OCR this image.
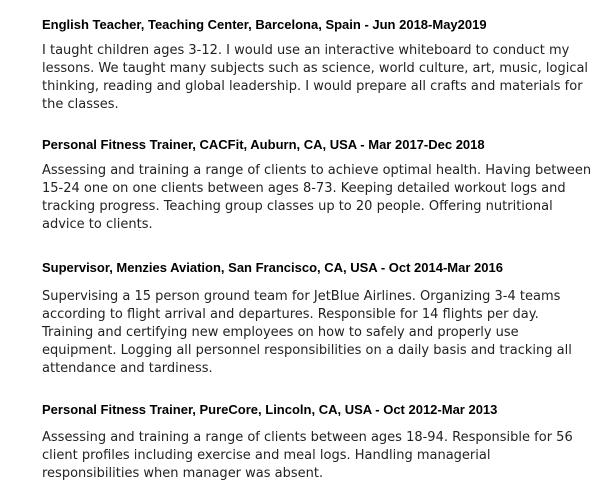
English Teacher, Teaching Center, Barcelona, Spain - Jun 2018-May2019

I taught children ages 3-12. I would use an interactive whiteboard to conduct my
lessons. We taught many subjects such as science, world culture, art, music, logical
thinking, reading and global leadership. I would prepare all crafts and materials for
the classes.

Personal Fitness Trainer, CACFit, Auburn, CA, USA - Mar 2017-Dec 2018

Assessing and training a range of clients to achieve optimal health. Having between
15-24 one on one clients between ages 8-73. Keeping detailed workout logs and
tracking progress. Teaching group classes up to 20 people. Offering nutritional
advice to clients.

Supervisor, Menzies Aviation, San Francisco, CA, USA - Oct 2014-Mar 2016

Supervising a 15 person ground team for JetBlue Airlines. Organizing 3-4 teams
according to flight arrival and departures. Responsible for 14 flights per day.
Training and certifying new employees on how to safely and properly use
equipment. Logging all personnel responsibilities on a daily basis and tracking all
attendance and tardiness.

Personal Fitness Trainer, PureCore, Lincoln, CA, USA - Oct 2012-Mar 2013

Assessing and training a range of clients between ages 18-94. Responsible for 56
client profiles including exercise and meal logs. Handling managerial
responsibilities when manager was absent.
